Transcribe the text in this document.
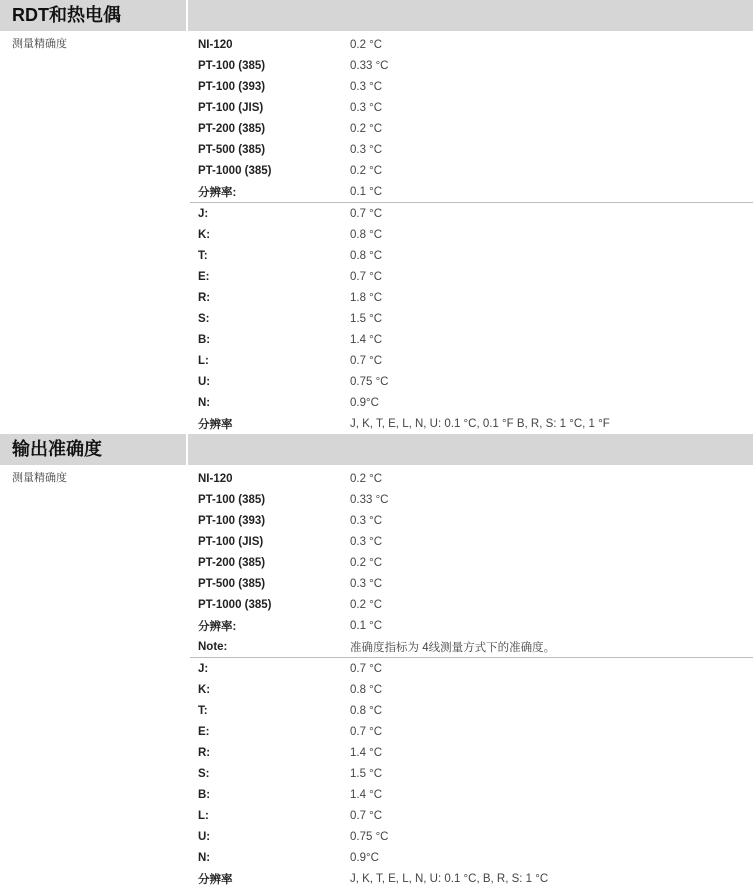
RDT和热电偶
测量精确度	NI-120	0.2 °C
PT-100 (385)	0.33 °C
PT-100 (393)	0.3 °C
PT-100 (JIS)	0.3 °C
PT-200 (385)	0.2 °C
PT-500 (385)	0.3 °C
PT-1000 (385)	0.2 °C
分辨率:	0.1 °C
J:	0.7 °C
K:	0.8 °C
T:	0.8 °C
E:	0.7 °C
R:	1.8 °C
S:	1.5 °C
B:	1.4 °C
L:	0.7 °C
U:	0.75 °C
N:	0.9°C
分辨率	J, K, T, E, L, N, U: 0.1 °C, 0.1 °F B, R, S: 1 °C, 1 °F
输出准确度
测量精确度	NI-120	0.2 °C
PT-100 (385)	0.33 °C
PT-100 (393)	0.3 °C
PT-100 (JIS)	0.3 °C
PT-200 (385)	0.2 °C
PT-500 (385)	0.3 °C
PT-1000 (385)	0.2 °C
分辨率:	0.1 °C
Note:	准确度指标为 4线测量方式下的准确度。
J:	0.7 °C
K:	0.8 °C
T:	0.8 °C
E:	0.7 °C
R:	1.4 °C
S:	1.5 °C
B:	1.4 °C
L:	0.7 °C
U:	0.75 °C
N:	0.9°C
分辨率	J, K, T, E, L, N, U: 0.1 °C, B, R, S: 1 °C
